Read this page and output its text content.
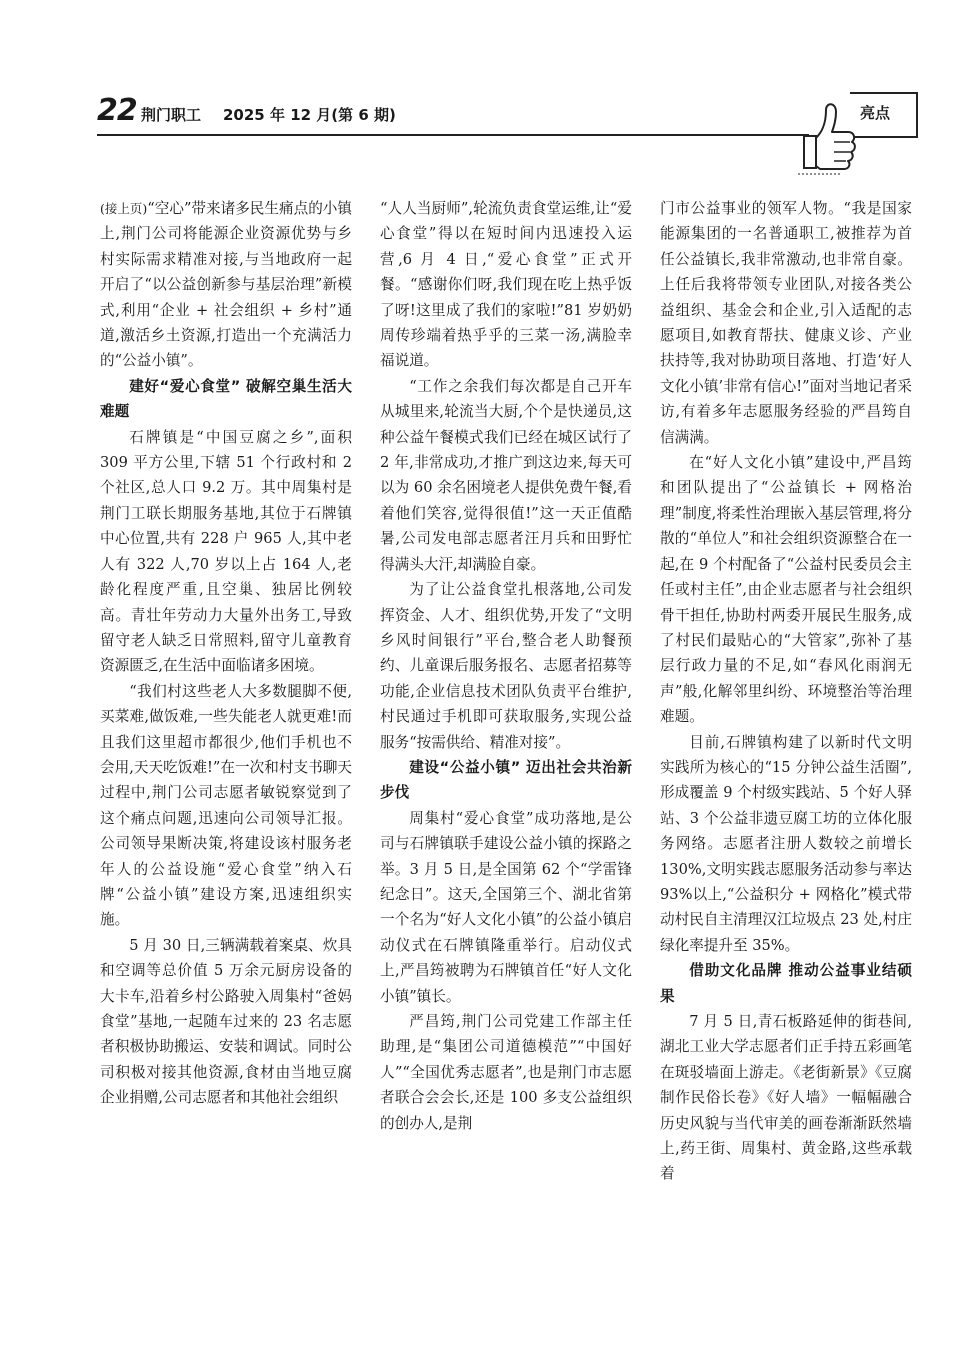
22 荆门职工 2025 年 12 月(第 6 期)	亮点

(接上页)“空心”带来诸多民生痛点的小镇上,荆门公司将能源企业资源优势与乡村实际需求精准对接,与当地政府一起开启了“以公益创新参与基层治理”新模式,利用“企业 + 社会组织 + 乡村”通道,激活乡土资源,打造出一个充满活力的“公益小镇”。

建好“爱心食堂” 破解空巢生活大难题

石牌镇是“中国豆腐之乡”,面积 309 平方公里,下辖 51 个行政村和 2 个社区,总人口 9.2 万。其中周集村是荆门工联长期服务基地,其位于石牌镇中心位置,共有 228 户 965 人,其中老人有 322 人,70 岁以上占 164 人,老龄化程度严重,且空巢、独居比例较高。青壮年劳动力大量外出务工,导致留守老人缺乏日常照料,留守儿童教育资源匮乏,在生活中面临诸多困境。

“我们村这些老人大多数腿脚不便,买菜难,做饭难,一些失能老人就更难!而且我们这里超市都很少,他们手机也不会用,天天吃饭难!”在一次和村支书聊天过程中,荆门公司志愿者敏锐察觉到了这个痛点问题,迅速向公司领导汇报。公司领导果断决策,将建设该村服务老年人的公益设施“爱心食堂”纳入石牌“公益小镇”建设方案,迅速组织实施。

5 月 30 日,三辆满载着案桌、炊具和空调等总价值 5 万余元厨房设备的大卡车,沿着乡村公路驶入周集村“爸妈食堂”基地,一起随车过来的 23 名志愿者积极协助搬运、安装和调试。同时公司积极对接其他资源,食材由当地豆腐企业捐赠,公司志愿者和其他社会组织

“人人当厨师”,轮流负责食堂运维,让“爱心食堂”得以在短时间内迅速投入运营,6 月 4 日,“爱心食堂”正式开餐。“感谢你们呀,我们现在吃上热乎饭了呀!这里成了我们的家啦!”81 岁奶奶周传珍端着热乎乎的三菜一汤,满脸幸福说道。

“工作之余我们每次都是自己开车从城里来,轮流当大厨,个个是快递员,这种公益午餐模式我们已经在城区试行了 2 年,非常成功,才推广到这边来,每天可以为 60 余名困境老人提供免费午餐,看着他们笑容,觉得很值!”这一天正值酷暑,公司发电部志愿者汪月兵和田野忙得满头大汗,却满脸自豪。

为了让公益食堂扎根落地,公司发挥资金、人才、组织优势,开发了“文明乡风时间银行”平台,整合老人助餐预约、儿童课后服务报名、志愿者招募等功能,企业信息技术团队负责平台维护,村民通过手机即可获取服务,实现公益服务“按需供给、精准对接”。

建设“公益小镇” 迈出社会共治新步伐

周集村“爱心食堂”成功落地,是公司与石牌镇联手建设公益小镇的探路之举。3 月 5 日,是全国第 62 个“学雷锋纪念日”。这天,全国第三个、湖北省第一个名为“好人文化小镇”的公益小镇启动仪式在石牌镇隆重举行。启动仪式上,严昌筠被聘为石牌镇首任“好人文化小镇”镇长。

严昌筠,荆门公司党建工作部主任助理,是“集团公司道德模范”“中国好人”“全国优秀志愿者”,也是荆门市志愿者联合会会长,还是 100 多支公益组织的创办人,是荆

门市公益事业的领军人物。“我是国家能源集团的一名普通职工,被推荐为首任公益镇长,我非常激动,也非常自豪。上任后我将带领专业团队,对接各类公益组织、基金会和企业,引入适配的志愿项目,如教育帮扶、健康义诊、产业扶持等,我对协助项目落地、打造‘好人文化小镇’非常有信心!”面对当地记者采访,有着多年志愿服务经验的严昌筠自信满满。

在“好人文化小镇”建设中,严昌筠和团队提出了“公益镇长 + 网格治理”制度,将柔性治理嵌入基层管理,将分散的“单位人”和社会组织资源整合在一起,在 9 个村配备了“公益村民委员会主任或村主任”,由企业志愿者与社会组织骨干担任,协助村两委开展民生服务,成了村民们最贴心的“大管家”,弥补了基层行政力量的不足,如“春风化雨润无声”般,化解邻里纠纷、环境整治等治理难题。

目前,石牌镇构建了以新时代文明实践所为核心的“15 分钟公益生活圈”,形成覆盖 9 个村级实践站、5 个好人驿站、3 个公益非遗豆腐工坊的立体化服务网络。志愿者注册人数较之前增长 130%,文明实践志愿服务活动参与率达 93%以上,“公益积分 + 网格化”模式带动村民自主清理汉江垃圾点 23 处,村庄绿化率提升至 35%。

借助文化品牌 推动公益事业结硕果

7 月 5 日,青石板路延伸的街巷间,湖北工业大学志愿者们正手持五彩画笔在斑驳墙面上游走。《老街新景》《豆腐制作民俗长卷》《好人墙》一幅幅融合历史风貌与当代审美的画卷渐渐跃然墙上,药王街、周集村、黄金路,这些承载着
